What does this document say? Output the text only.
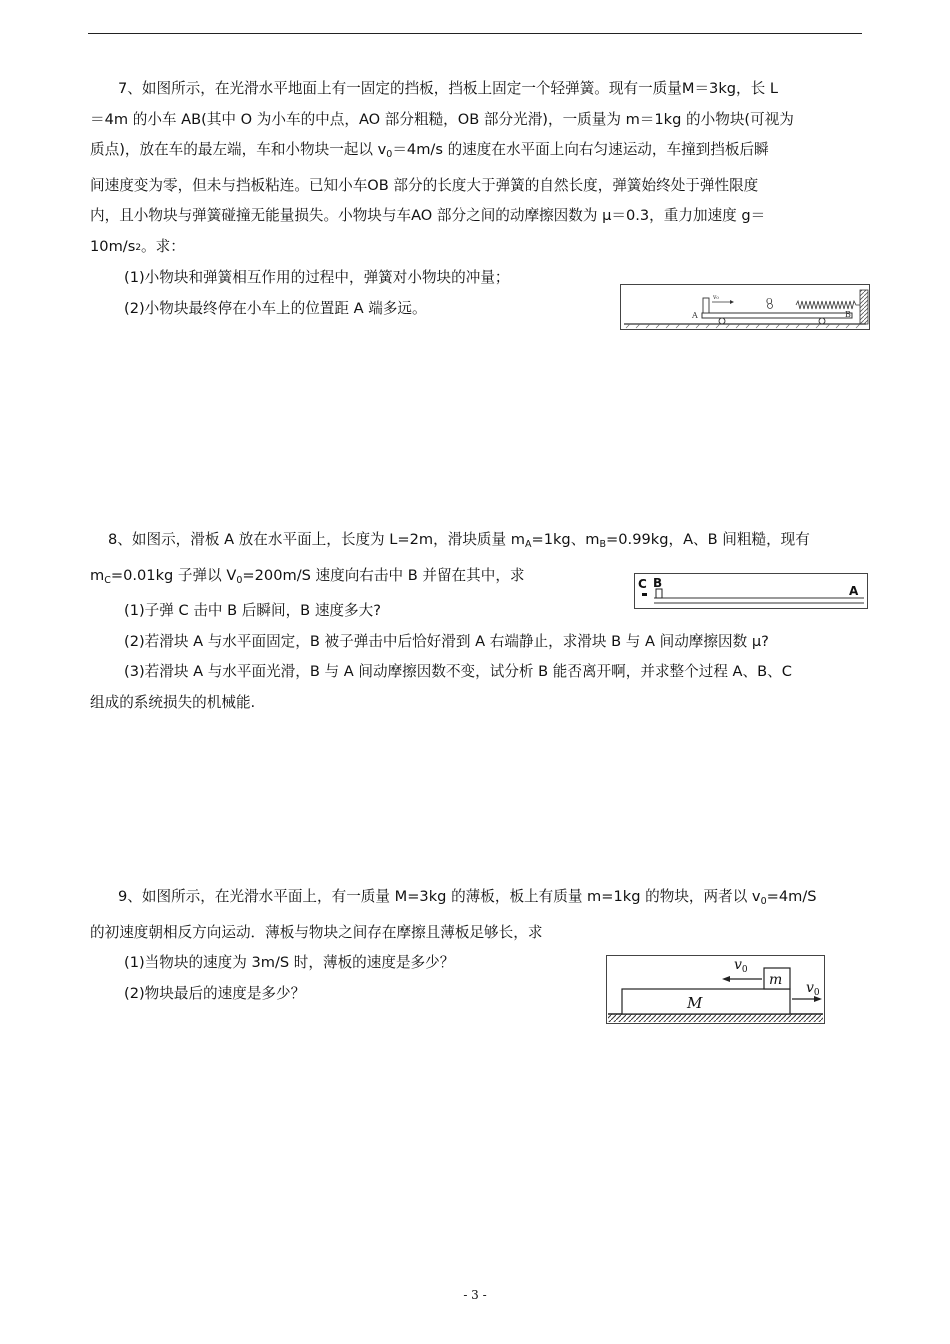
7、如图所示，在光滑水平地面上有一固定的挡板，挡板上固定一个轻弹簧。现有一质量M＝3kg，长 L
＝4m 的小车 AB(其中 O 为小车的中点，AO 部分粗糙，OB 部分光滑)，一质量为 m＝1kg 的小物块(可视为
质点)，放在车的最左端，车和小物块一起以 $v_0=4m/s$ 的速度在水平面上向右匀速运动，车撞到挡板后瞬
间速度变为零，但未与挡板粘连。已知小车OB 部分的长度大于弹簧的自然长度，弹簧始终处于弹性限度
内，且小物块与弹簧碰撞无能量损失。小物块与车AO 部分之间的动摩擦因数为 μ＝0.3，重力加速度 g＝
10m/s2。求：
(1)小物块和弹簧相互作用的过程中，弹簧对小物块的冲量；
(2)小物块最终停在小车上的位置距 A 端多远。
v₀	O
A	B
8、如图示，滑板 A 放在水平面上，长度为 L=2m，滑块质量 $m_A=1kg$、$m_B=0.99kg$，A、B 间粗糙，现有
$m_C=0.01kg$ 子弹以 $V_0=200m/S$ 速度向右击中 B 并留在其中，求
(1)子弹 C 击中 B 后瞬间，B 速度多大?
(2)若滑块 A 与水平面固定，B 被子弹击中后恰好滑到 A 右端静止，求滑块 B 与 A 间动摩擦因数 μ?
(3)若滑块 A 与水平面光滑，B 与 A 间动摩擦因数不变，试分析 B 能否离开啊，并求整个过程 A、B、C
组成的系统损失的机械能.
C B
A
9、如图所示，在光滑水平面上，有一质量 M=3kg 的薄板，板上有质量 m=1kg 的物块，两者以 $v_0=4m/S$
的初速度朝相反方向运动．薄板与物块之间存在摩擦且薄板足够长，求
(1)当物块的速度为 3m/S 时，薄板的速度是多少？
(2)物块最后的速度是多少？
m
M
$v_0$
$v_0$
- 3 -
